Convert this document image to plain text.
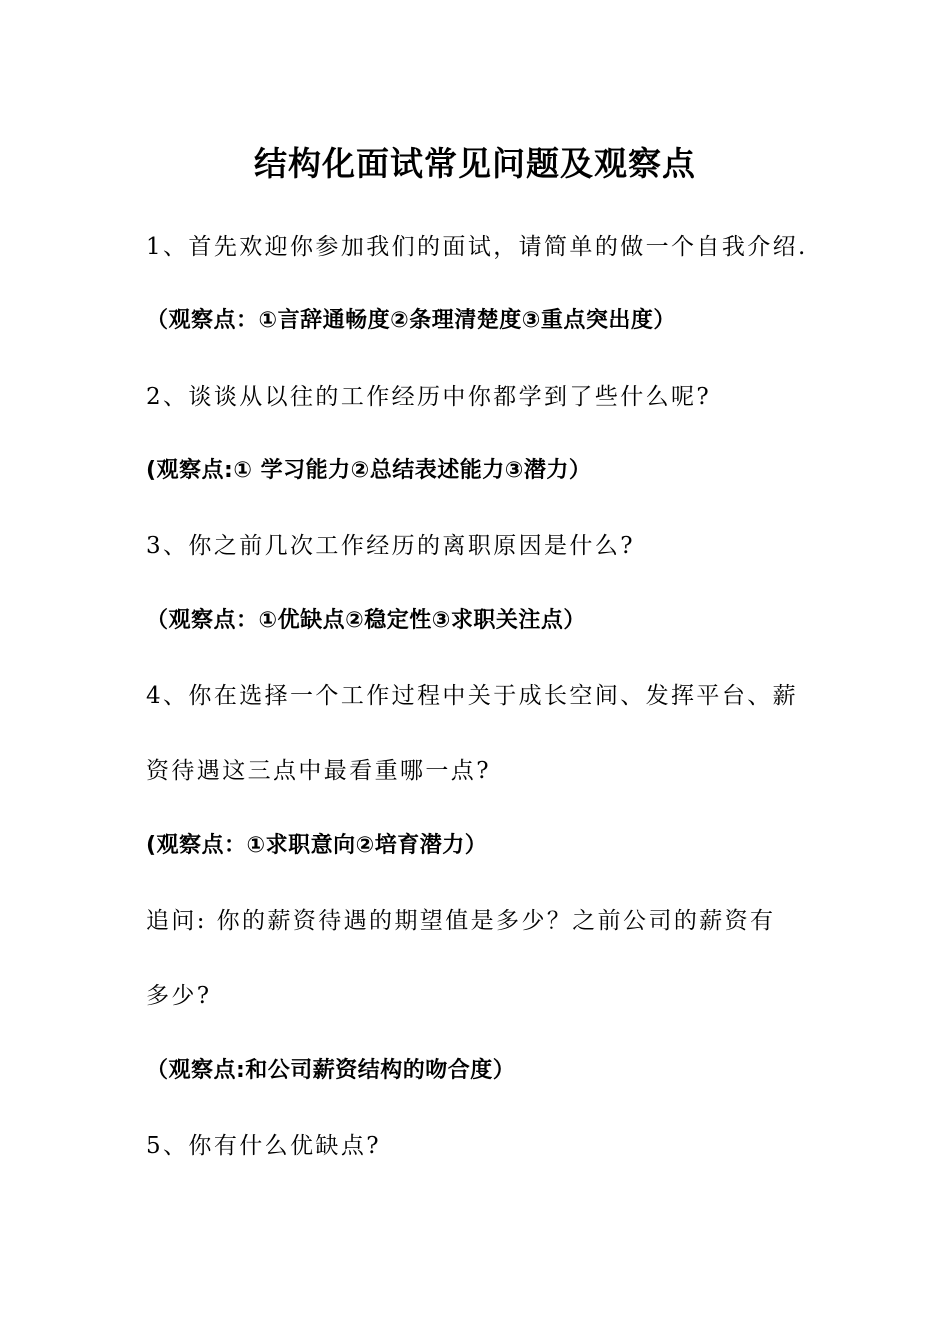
结构化面试常见问题及观察点
1、首先欢迎你参加我们的面试，请简单的做一个自我介绍.
（观察点：①言辞通畅度②条理清楚度③重点突出度）
2、谈谈从以往的工作经历中你都学到了些什么呢?
(观察点:① 学习能力②总结表述能力③潜力）
3、你之前几次工作经历的离职原因是什么?
（观察点：①优缺点②稳定性③求职关注点）
4、你在选择一个工作过程中关于成长空间、发挥平台、薪
资待遇这三点中最看重哪一点?
(观察点：①求职意向②培育潜力）
追问: 你的薪资待遇的期望值是多少？之前公司的薪资有
多少?
（观察点:和公司薪资结构的吻合度）
5、你有什么优缺点?
